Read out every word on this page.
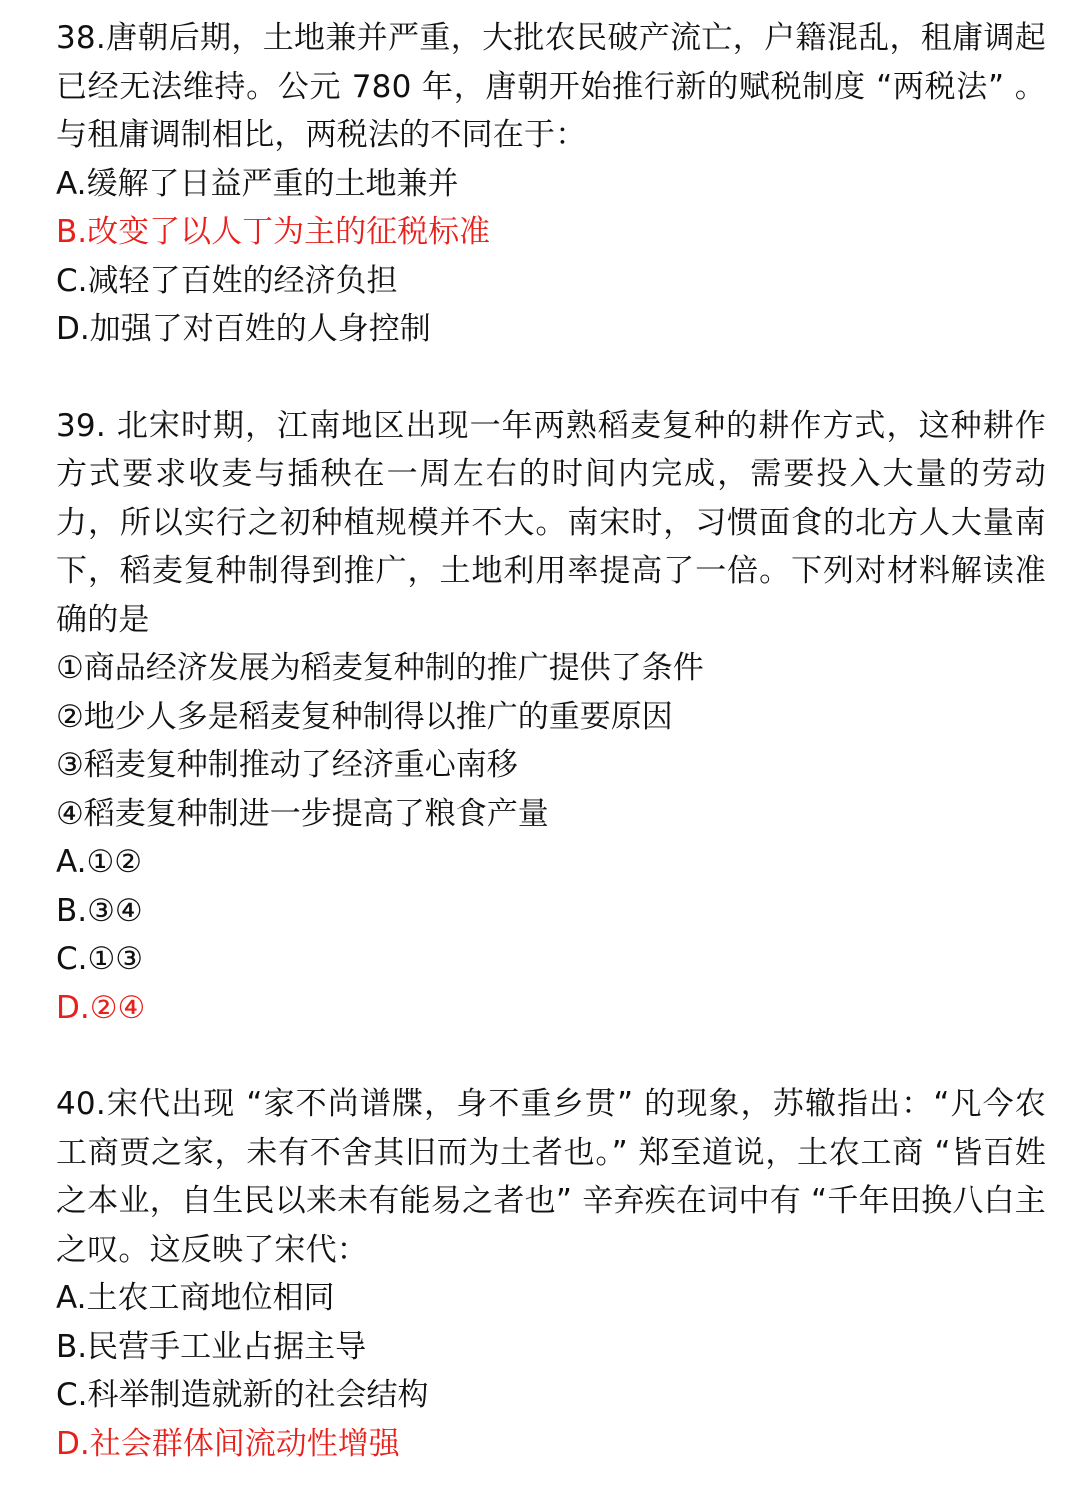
38.唐朝后期，土地兼并严重，大批农民破产流亡，户籍混乱，租庸调起已经无法维持。公元 780 年，唐朝开始推行新的赋税制度 “两税法” 。与租庸调制相比，两税法的不同在于：

A.缓解了日益严重的土地兼并

B.改变了以人丁为主的征税标准

C.减轻了百姓的经济负担

D.加强了对百姓的人身控制

39. 北宋时期，江南地区出现一年两熟稻麦复种的耕作方式，这种耕作方式要求收麦与插秧在一周左右的时间内完成，需要投入大量的劳动力，所以实行之初种植规模并不大。南宋时，习惯面食的北方人大量南下，稻麦复种制得到推广，土地利用率提高了一倍。下列对材料解读准确的是

①商品经济发展为稻麦复种制的推广提供了条件

②地少人多是稻麦复种制得以推广的重要原因

③稻麦复种制推动了经济重心南移

④稻麦复种制进一步提高了粮食产量

A.①②

B.③④

C.①③

D.②④

40.宋代出现 “家不尚谱牒，身不重乡贯” 的现象，苏辙指出：“凡今农工商贾之家，未有不舍其旧而为土者也。” 郑至道说，土农工商 “皆百姓之本业，自生民以来未有能易之者也” 辛弃疾在词中有 “千年田换八白主之叹。这反映了宋代：

A.土农工商地位相同

B.民营手工业占据主导

C.科举制造就新的社会结构

D.社会群体间流动性增强
